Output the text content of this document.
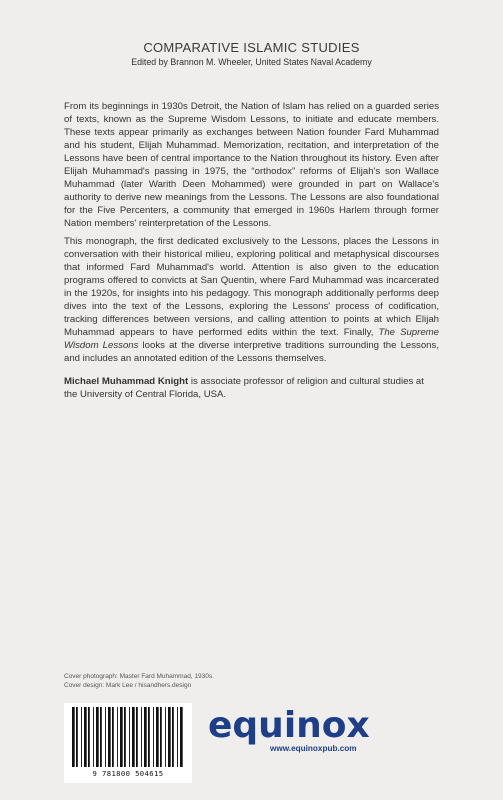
COMPARATIVE ISLAMIC STUDIES
Edited by Brannon M. Wheeler, United States Naval Academy

From its beginnings in 1930s Detroit, the Nation of Islam has relied on a guarded series of texts, known as the Supreme Wisdom Lessons, to initiate and educate members. These texts appear primarily as exchanges between Nation founder Fard Muhammad and his student, Elijah Muhammad. Memorization, recitation, and interpretation of the Lessons have been of central importance to the Nation throughout its history. Even after Elijah Muhammad's passing in 1975, the “orthodox” reforms of Elijah's son Wallace Muhammad (later Warith Deen Mohammed) were grounded in part on Wallace's authority to derive new meanings from the Lessons. The Lessons are also foundational for the Five Percenters, a community that emerged in 1960s Harlem through former Nation members' reinterpretation of the Lessons.

This monograph, the first dedicated exclusively to the Lessons, places the Lessons in conversation with their historical milieu, exploring political and metaphysical discourses that informed Fard Muhammad's world. Attention is also given to the education programs offered to convicts at San Quentin, where Fard Muhammad was incarcerated in the 1920s, for insights into his pedagogy. This monograph additionally performs deep dives into the text of the Lessons, exploring the Lessons' process of codification, tracking differences between versions, and calling attention to points at which Elijah Muhammad appears to have performed edits within the text. Finally, The Supreme Wisdom Lessons looks at the diverse interpretive traditions surrounding the Lessons, and includes an annotated edition of the Lessons themselves.

Michael Muhammad Knight is associate professor of religion and cultural studies at the University of Central Florida, USA.
Cover photograph: Master Fard Muhammad, 1930s.
Cover design: Mark Lee / hisandhers.design
9 781800 504615
equinox
www.equinoxpub.com
